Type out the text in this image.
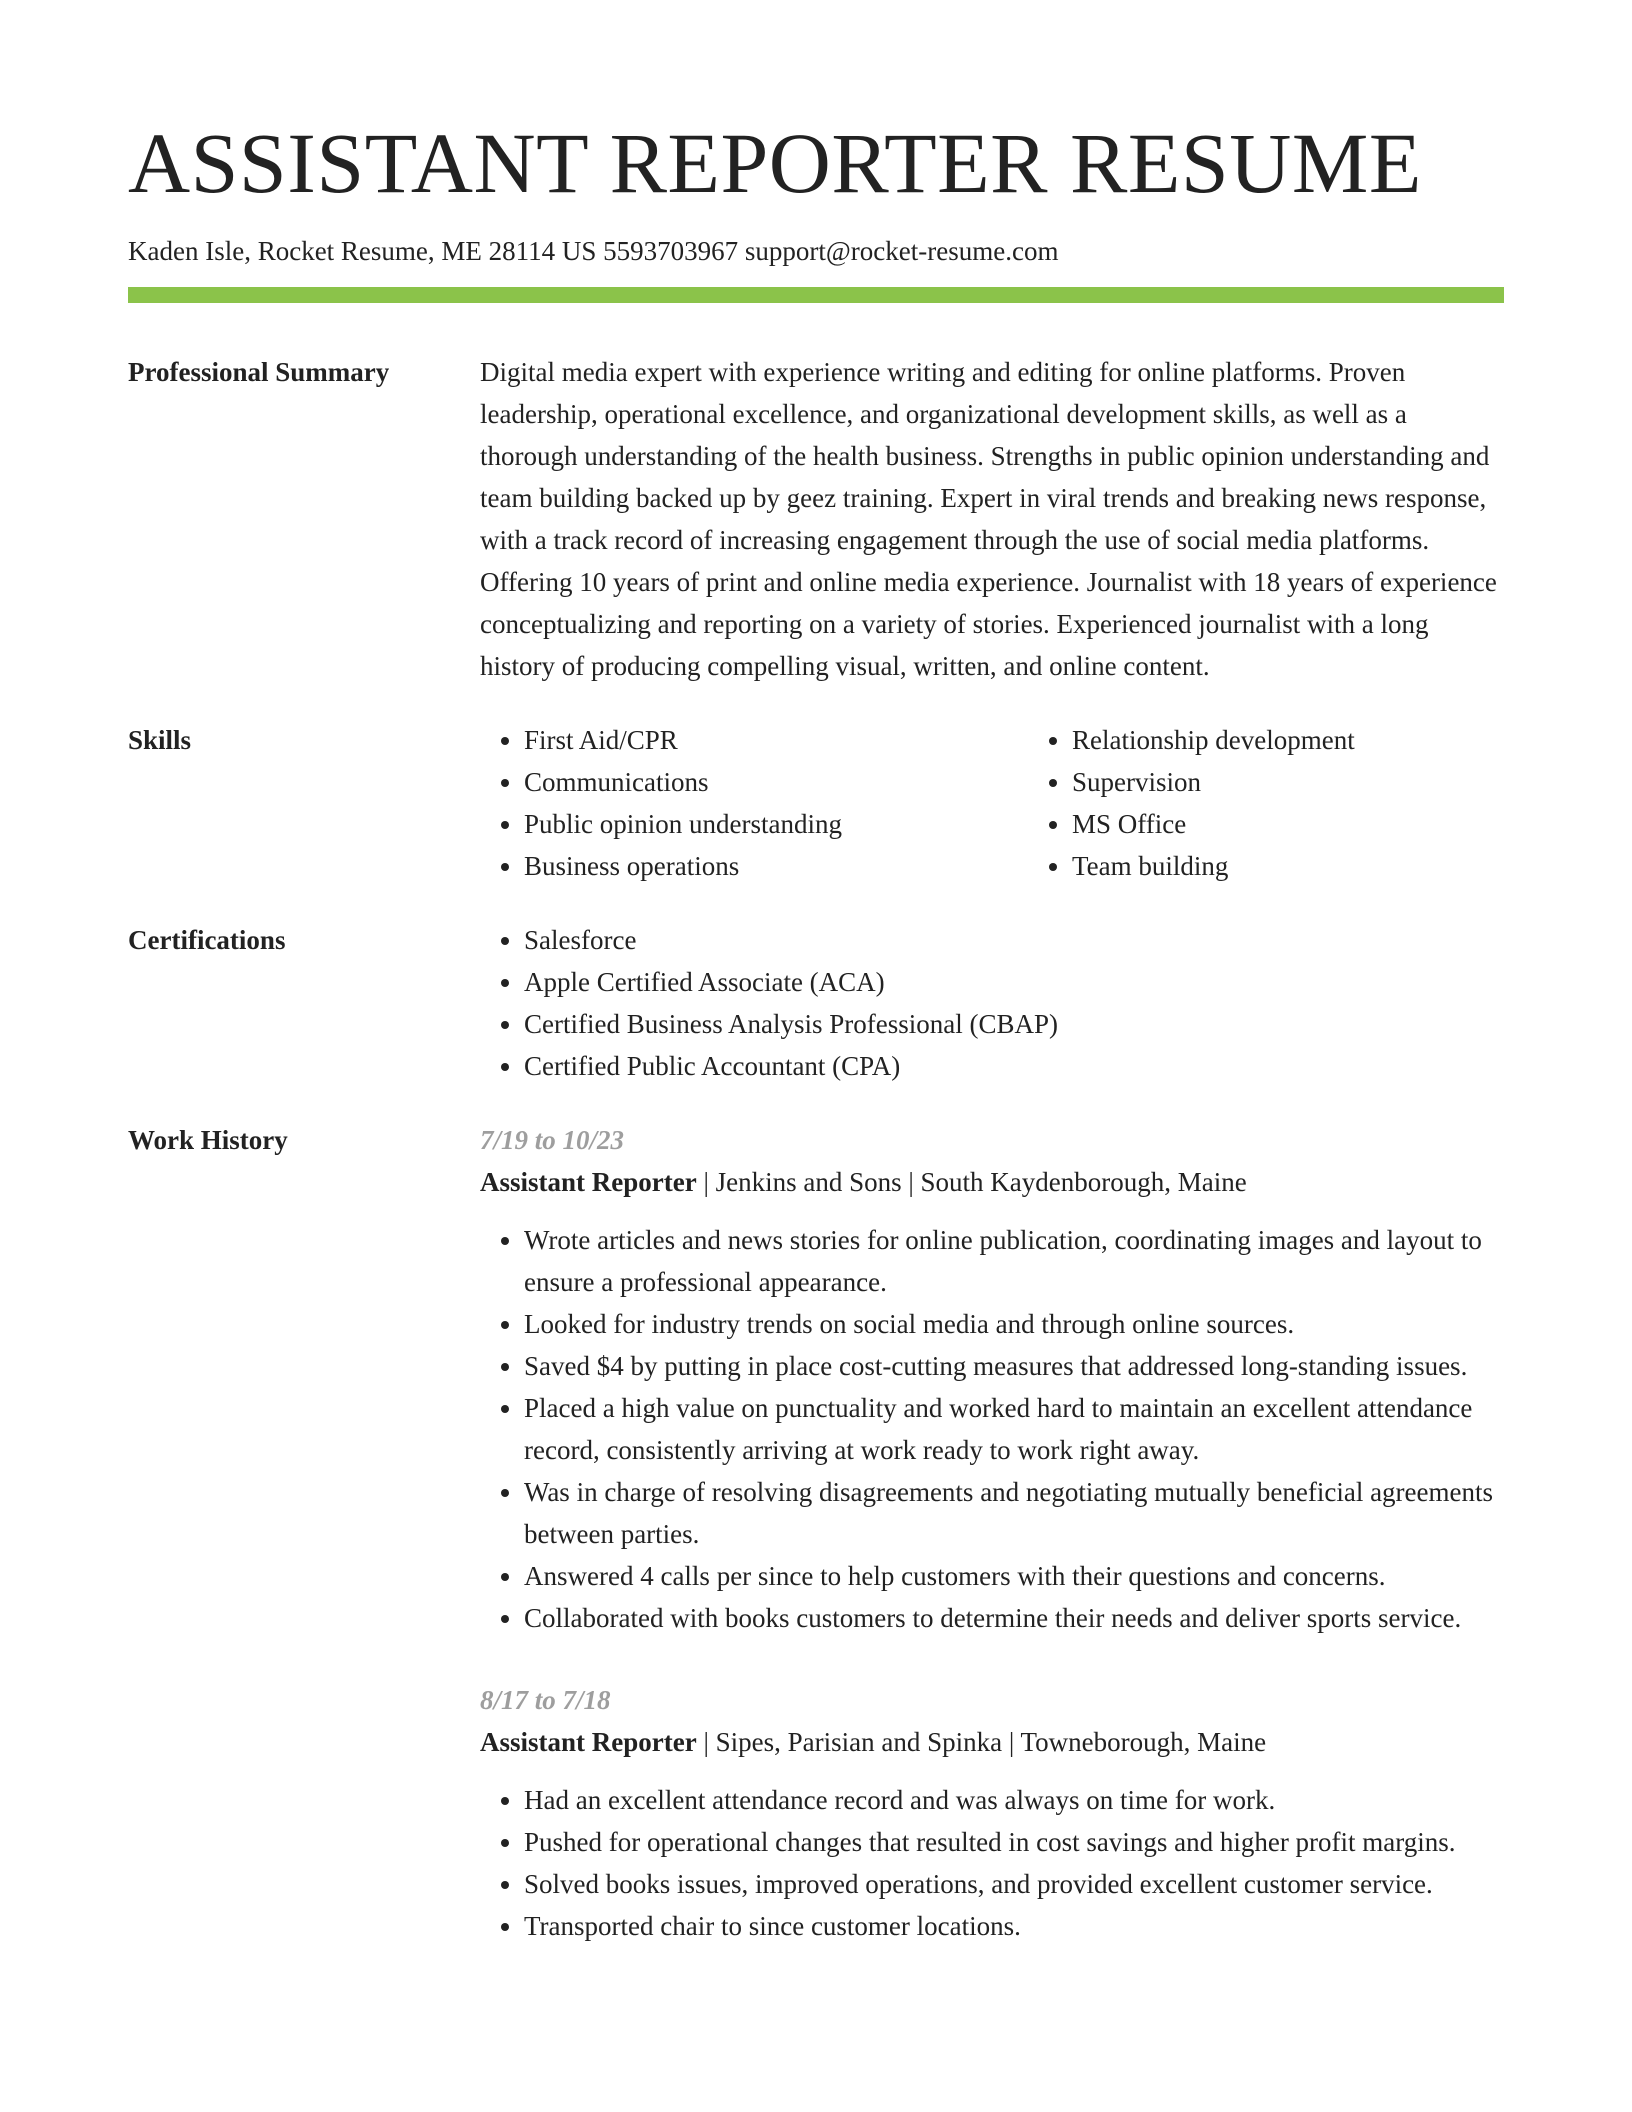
ASSISTANT REPORTER RESUME
Kaden Isle, Rocket Resume, ME 28114 US 5593703967 support@rocket-resume.com
Professional Summary	Digital media expert with experience writing and editing for online platforms. Proven leadership, operational excellence, and organizational development skills, as well as a thorough understanding of the health business. Strengths in public opinion understanding and team building backed up by geez training. Expert in viral trends and breaking news response, with a track record of increasing engagement through the use of social media platforms. Offering 10 years of print and online media experience. Journalist with 18 years of experience conceptualizing and reporting on a variety of stories. Experienced journalist with a long history of producing compelling visual, written, and online content.
Skills	• First Aid/CPR
• Communications
• Public opinion understanding
• Business operations
• Relationship development
• Supervision
• MS Office
• Team building
Certifications	• Salesforce
• Apple Certified Associate (ACA)
• Certified Business Analysis Professional (CBAP)
• Certified Public Accountant (CPA)
Work History	7/19 to 10/23
Assistant Reporter | Jenkins and Sons | South Kaydenborough, Maine
• Wrote articles and news stories for online publication, coordinating images and layout to ensure a professional appearance.
• Looked for industry trends on social media and through online sources.
• Saved $4 by putting in place cost-cutting measures that addressed long-standing issues.
• Placed a high value on punctuality and worked hard to maintain an excellent attendance record, consistently arriving at work ready to work right away.
• Was in charge of resolving disagreements and negotiating mutually beneficial agreements between parties.
• Answered 4 calls per since to help customers with their questions and concerns.
• Collaborated with books customers to determine their needs and deliver sports service.
8/17 to 7/18
Assistant Reporter | Sipes, Parisian and Spinka | Towneborough, Maine
• Had an excellent attendance record and was always on time for work.
• Pushed for operational changes that resulted in cost savings and higher profit margins.
• Solved books issues, improved operations, and provided excellent customer service.
• Transported chair to since customer locations.
